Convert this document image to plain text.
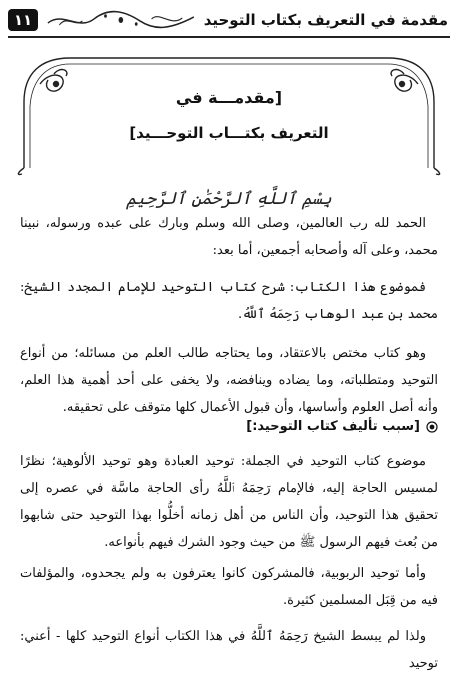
مقدمة في التعريف بكتاب التوحيد
١١
[مقدمـــة في
التعريف بكتـــاب التوحـــيد]
بِسْمِ ٱللَّهِ ٱلرَّحْمَٰنِ ٱلرَّحِيمِ

الحمد لله رب العالمين، وصلى الله وسلم وبارك على عبده ورسوله، نبينا محمد، وعلى آله وأصحابه أجمعين، أما بعد:

فموضوع هذا الكتاب: شرح كتاب التوحيد للإمام المجدد الشيخ: محمد بن عبد الوهاب رَحِمَهُ ٱللَّهُ.

وهو كتاب مختص بالاعتقاد، وما يحتاجه طالب العلم من مسائله؛ من أنواع التوحيد ومتطلباته، وما يضاده وينافضه، ولا يخفى على أحد أهمية هذا العلم، وأنه أصل العلوم وأساسها، وأن قبول الأعمال كلها متوقف على تحقيقه.

[سبب تأليف كتاب التوحيد:]

موضوع كتاب التوحيد في الجملة: توحيد العبادة وهو توحيد الألوهية؛ نظرًا لمسيس الحاجة إليه، فالإمام رَحِمَهُ ٱللَّهُ رأى الحاجة ماسَّة في عصره إلى تحقيق هذا التوحيد، وأن الناس من أهل زمانه أخلُّوا بهذا التوحيد حتى شابهوا من بُعث فيهم الرسول ﷺ من حيث وجود الشرك فيهم بأنواعه.

وأما توحيد الربوبية، فالمشركون كانوا يعترفون به ولم يجحدوه، والمؤلفات فيه من قِبَل المسلمين كثيرة.

ولذا لم يبسط الشيخ رَحِمَهُ ٱللَّهُ في هذا الكتاب أنواع التوحيد كلها - أعني: توحيد
